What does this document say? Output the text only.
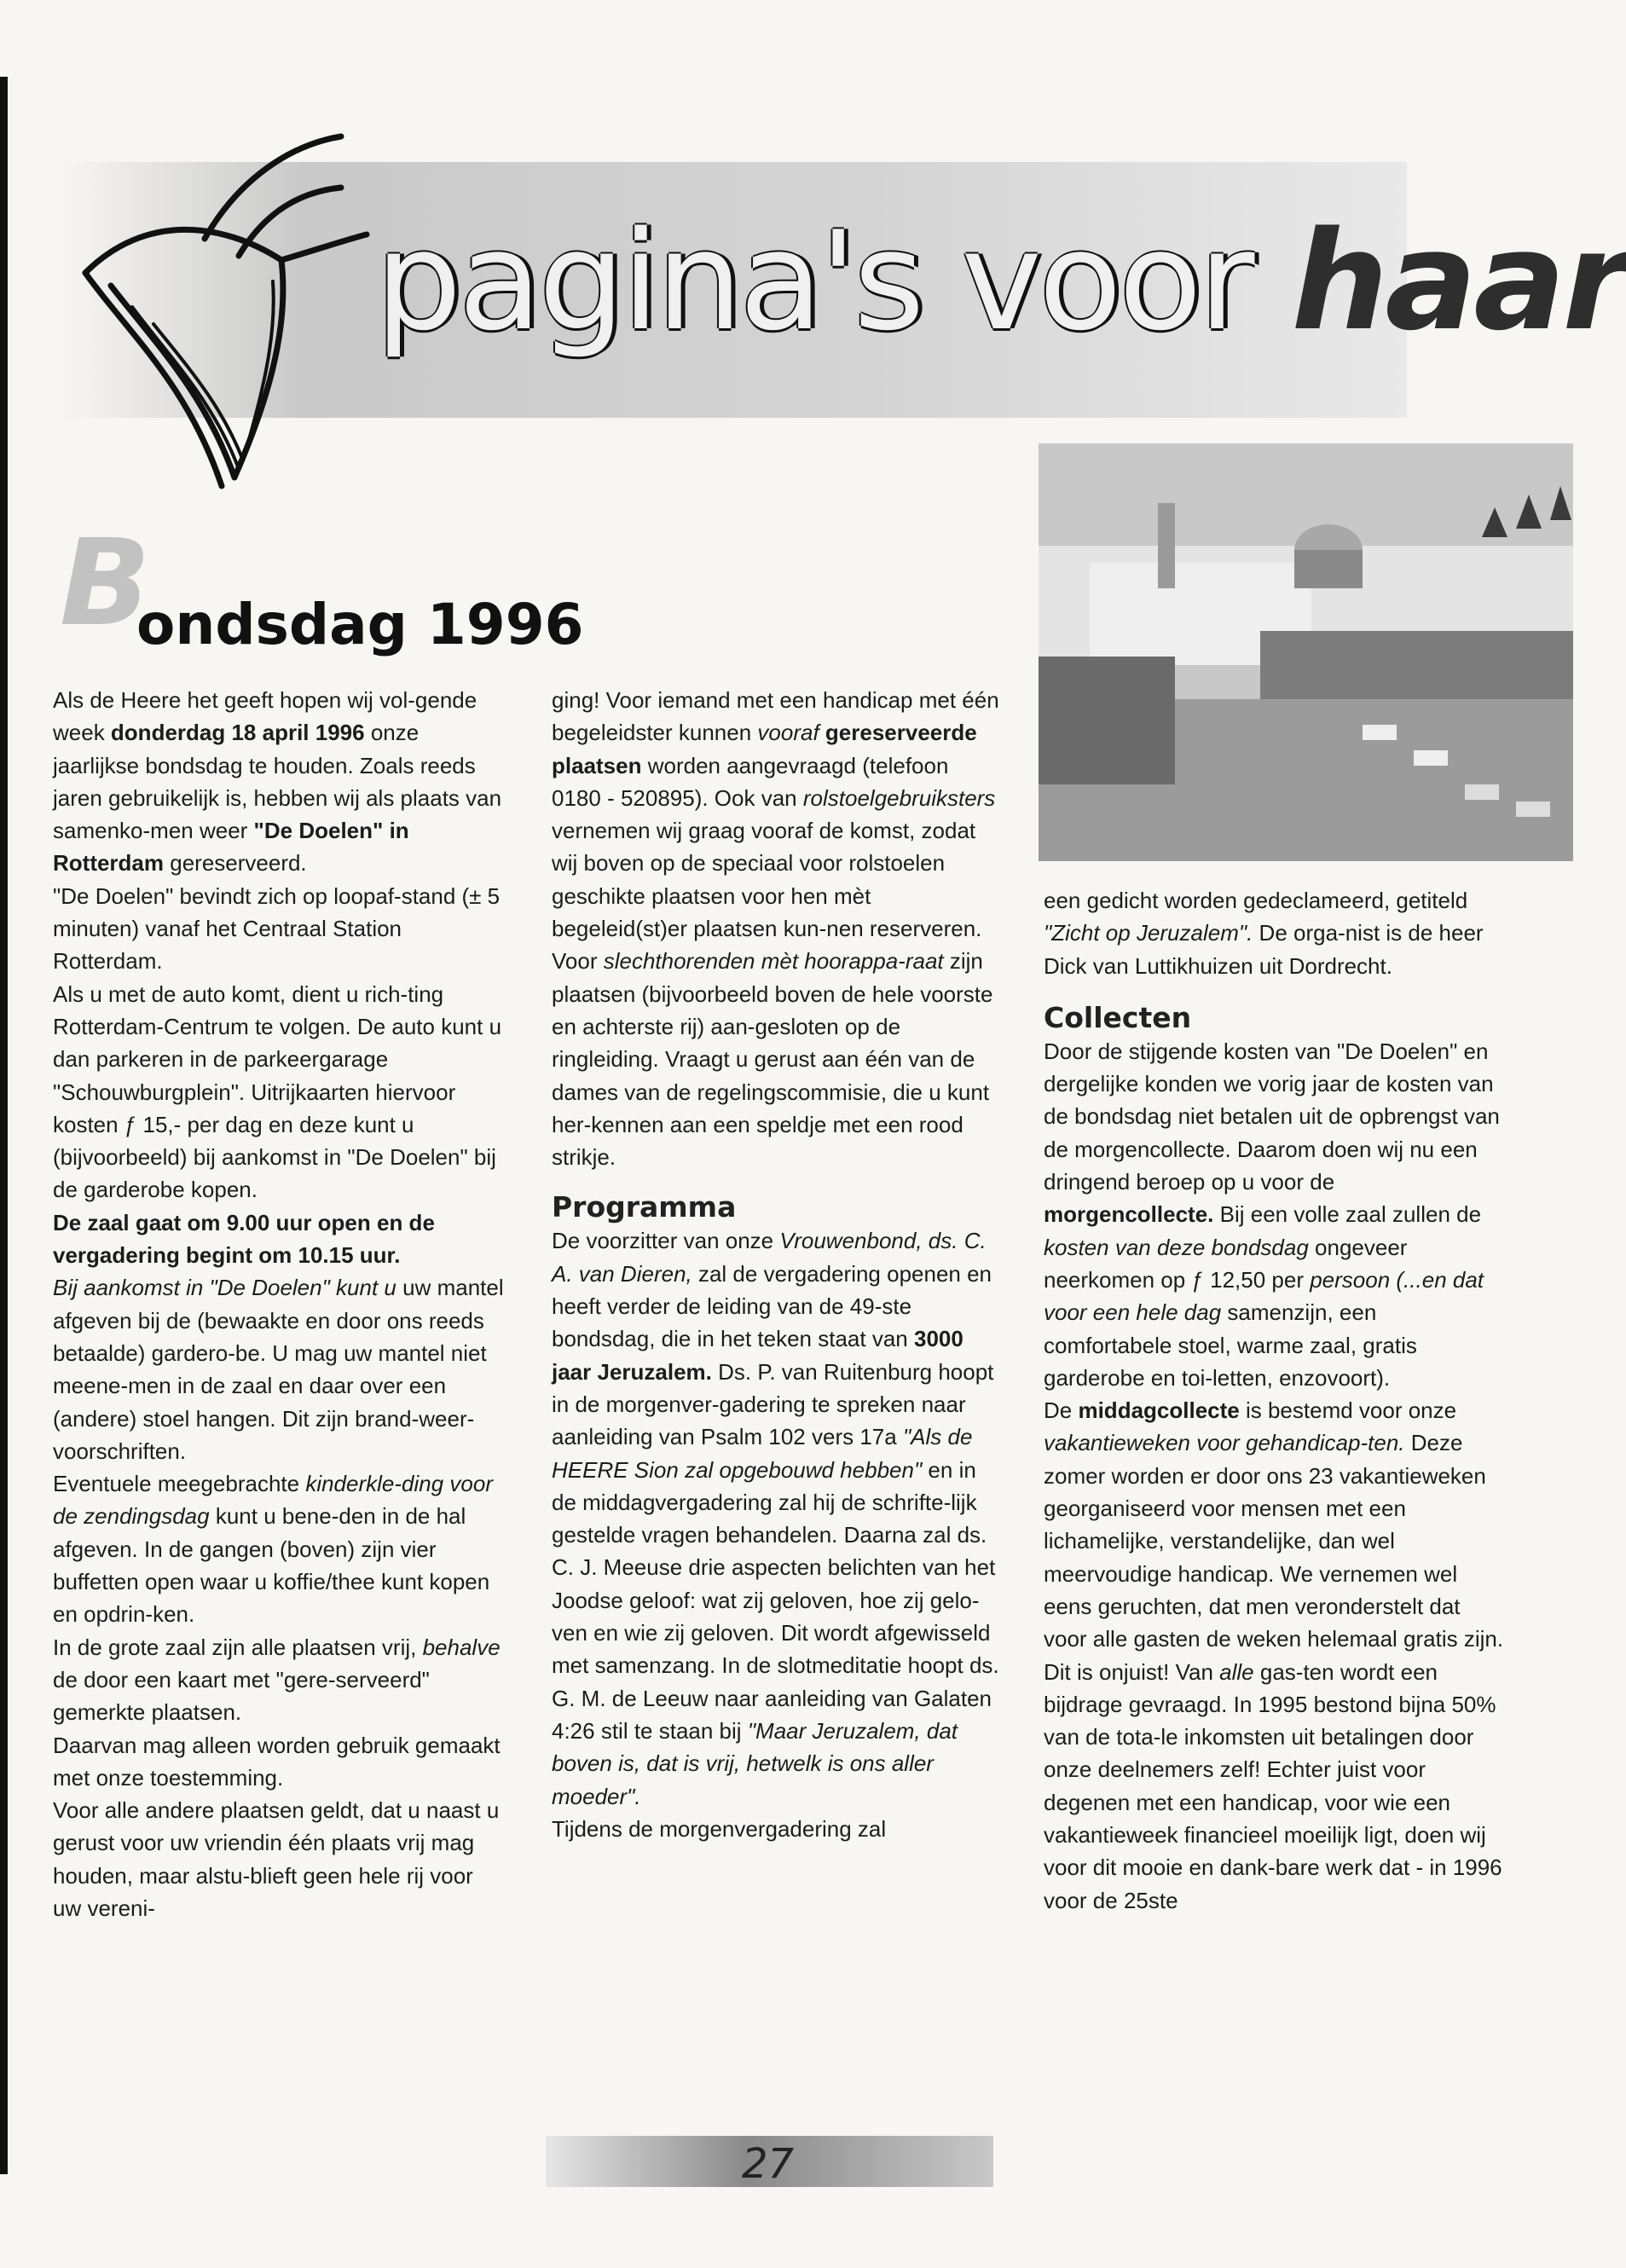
pagina's voor haar
B
ondsdag 1996

Als de Heere het geeft hopen wij vol-gende week donderdag 18 april 1996 onze jaarlijkse bondsdag te houden. Zoals reeds jaren gebruikelijk is, hebben wij als plaats van samenko-men weer "De Doelen" in Rotterdam gereserveerd.

"De Doelen" bevindt zich op loopaf-stand (± 5 minuten) vanaf het Centraal Station Rotterdam.

Als u met de auto komt, dient u rich-ting Rotterdam-Centrum te volgen. De auto kunt u dan parkeren in de parkeergarage "Schouwburgplein". Uitrijkaarten hiervoor kosten ƒ 15,- per dag en deze kunt u (bijvoorbeeld) bij aankomst in "De Doelen" bij de garderobe kopen.

De zaal gaat om 9.00 uur open en de vergadering begint om 10.15 uur.

Bij aankomst in "De Doelen" kunt u uw mantel afgeven bij de (bewaakte en door ons reeds betaalde) gardero-be. U mag uw mantel niet meene-men in de zaal en daar over een (andere) stoel hangen. Dit zijn brand-weer-voorschriften.

Eventuele meegebrachte kinderkle-ding voor de zendingsdag kunt u bene-den in de hal afgeven. In de gangen (boven) zijn vier buffetten open waar u koffie/thee kunt kopen en opdrin-ken.

In de grote zaal zijn alle plaatsen vrij, behalve de door een kaart met "gere-serveerd" gemerkte plaatsen.

Daarvan mag alleen worden gebruik gemaakt met onze toestemming.

Voor alle andere plaatsen geldt, dat u naast u gerust voor uw vriendin één plaats vrij mag houden, maar alstu-blieft geen hele rij voor uw vereni-

ging! Voor iemand met een handicap met één begeleidster kunnen vooraf gereserveerde plaatsen worden aangevraagd (telefoon 0180 - 520895). Ook van rolstoelgebruiksters vernemen wij graag vooraf de komst, zodat wij boven op de speciaal voor rolstoelen geschikte plaatsen voor hen mèt begeleid(st)er plaatsen kun-nen reserveren.

Voor slechthorenden mèt hoorappa-raat zijn plaatsen (bijvoorbeeld boven de hele voorste en achterste rij) aan-gesloten op de ringleiding. Vraagt u gerust aan één van de dames van de regelingscommisie, die u kunt her-kennen aan een speldje met een rood strikje.

Programma

De voorzitter van onze Vrouwenbond, ds. C. A. van Dieren, zal de vergadering openen en heeft verder de leiding van de 49-ste bondsdag, die in het teken staat van 3000 jaar Jeruzalem. Ds. P. van Ruitenburg hoopt in de morgenver-gadering te spreken naar aanleiding van Psalm 102 vers 17a "Als de HEERE Sion zal opgebouwd hebben" en in de middagvergadering zal hij de schrifte-lijk gestelde vragen behandelen. Daarna zal ds. C. J. Meeuse drie aspecten belichten van het Joodse geloof: wat zij geloven, hoe zij gelo-ven en wie zij geloven. Dit wordt afgewisseld met samenzang. In de slotmeditatie hoopt ds. G. M. de Leeuw naar aanleiding van Galaten 4:26 stil te staan bij "Maar Jeruzalem, dat boven is, dat is vrij, hetwelk is ons aller moeder".

Tijdens de morgenvergadering zal

een gedicht worden gedeclameerd, getiteld "Zicht op Jeruzalem". De orga-nist is de heer Dick van Luttikhuizen uit Dordrecht.

Collecten

Door de stijgende kosten van "De Doelen" en dergelijke konden we vorig jaar de kosten van de bondsdag niet betalen uit de opbrengst van de morgencollecte. Daarom doen wij nu een dringend beroep op u voor de morgencollecte. Bij een volle zaal zullen de kosten van deze bondsdag ongeveer neerkomen op ƒ 12,50 per persoon (...en dat voor een hele dag samenzijn, een comfortabele stoel, warme zaal, gratis garderobe en toi-letten, enzovoort).

De middagcollecte is bestemd voor onze vakantieweken voor gehandicap-ten. Deze zomer worden er door ons 23 vakantieweken georganiseerd voor mensen met een lichamelijke, verstandelijke, dan wel meervoudige handicap. We vernemen wel eens geruchten, dat men veronderstelt dat voor alle gasten de weken helemaal gratis zijn. Dit is onjuist! Van alle gas-ten wordt een bijdrage gevraagd. In 1995 bestond bijna 50% van de tota-le inkomsten uit betalingen door onze deelnemers zelf! Echter juist voor degenen met een handicap, voor wie een vakantieweek financieel moeilijk ligt, doen wij voor dit mooie en dank-bare werk dat - in 1996 voor de 25ste

27
